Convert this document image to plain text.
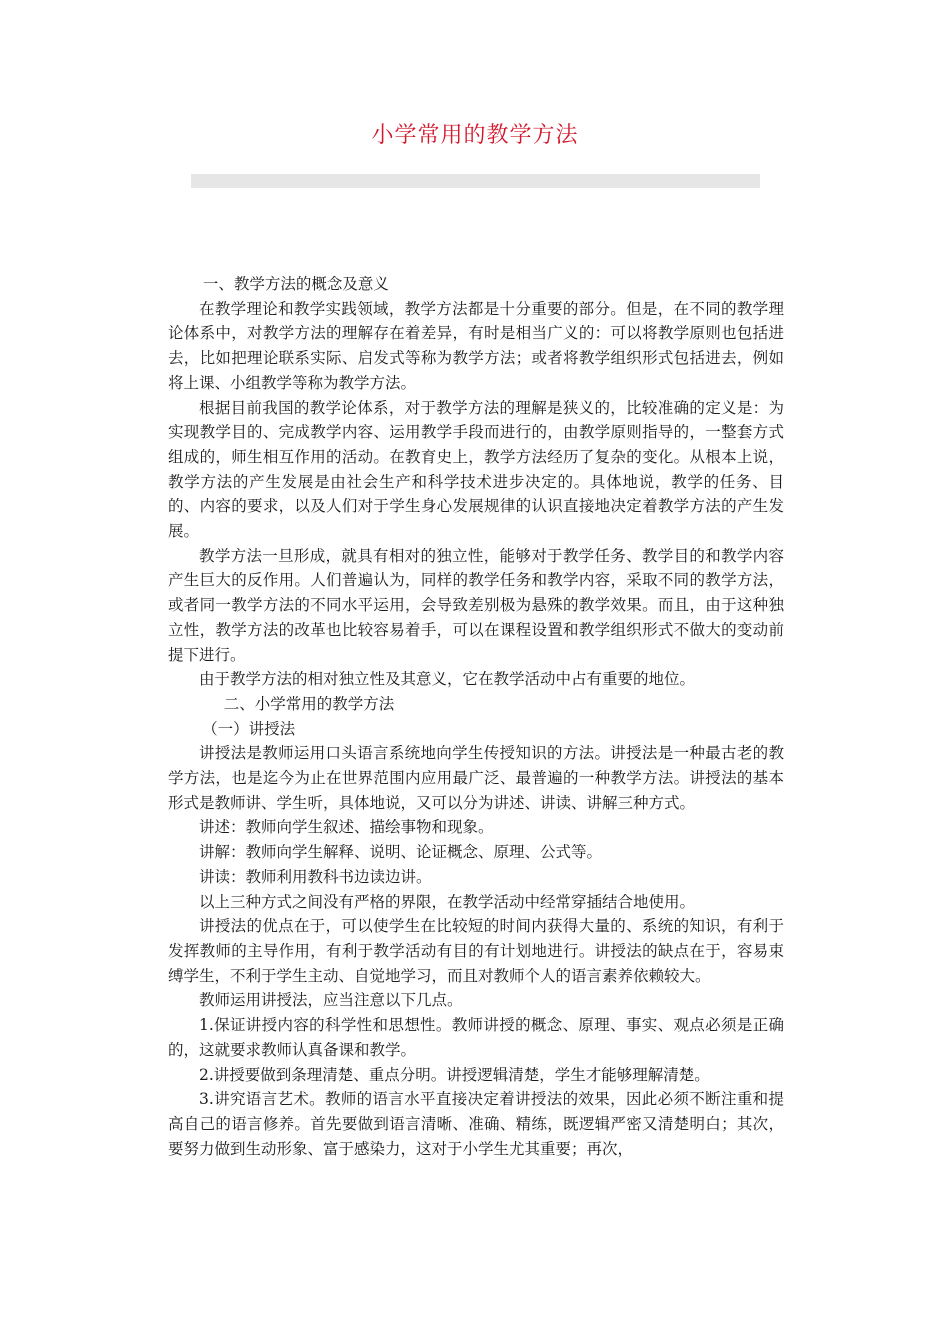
小学常用的教学方法

一、教学方法的概念及意义

在教学理论和教学实践领域，教学方法都是十分重要的部分。但是，在不同的教学理论体系中，对教学方法的理解存在着差异，有时是相当广义的：可以将教学原则也包括进去，比如把理论联系实际、启发式等称为教学方法；或者将教学组织形式包括进去，例如将上课、小组教学等称为教学方法。

根据目前我国的教学论体系，对于教学方法的理解是狭义的，比较准确的定义是：为实现教学目的、完成教学内容、运用教学手段而进行的，由教学原则指导的，一整套方式组成的，师生相互作用的活动。在教育史上，教学方法经历了复杂的变化。从根本上说，教学方法的产生发展是由社会生产和科学技术进步决定的。具体地说，教学的任务、目的、内容的要求，以及人们对于学生身心发展规律的认识直接地决定着教学方法的产生发展。

教学方法一旦形成，就具有相对的独立性，能够对于教学任务、教学目的和教学内容产生巨大的反作用。人们普遍认为，同样的教学任务和教学内容，采取不同的教学方法，或者同一教学方法的不同水平运用，会导致差别极为悬殊的教学效果。而且，由于这种独立性，教学方法的改革也比较容易着手，可以在课程设置和教学组织形式不做大的变动前提下进行。

由于教学方法的相对独立性及其意义，它在教学活动中占有重要的地位。

二、小学常用的教学方法

（一）讲授法

讲授法是教师运用口头语言系统地向学生传授知识的方法。讲授法是一种最古老的教学方法，也是迄今为止在世界范围内应用最广泛、最普遍的一种教学方法。讲授法的基本形式是教师讲、学生听，具体地说，又可以分为讲述、讲读、讲解三种方式。

讲述：教师向学生叙述、描绘事物和现象。

讲解：教师向学生解释、说明、论证概念、原理、公式等。

讲读：教师利用教科书边读边讲。

以上三种方式之间没有严格的界限，在教学活动中经常穿插结合地使用。

讲授法的优点在于，可以使学生在比较短的时间内获得大量的、系统的知识，有利于发挥教师的主导作用，有利于教学活动有目的有计划地进行。讲授法的缺点在于，容易束缚学生，不利于学生主动、自觉地学习，而且对教师个人的语言素养依赖较大。

教师运用讲授法，应当注意以下几点。

1.保证讲授内容的科学性和思想性。教师讲授的概念、原理、事实、观点必须是正确的，这就要求教师认真备课和教学。

2.讲授要做到条理清楚、重点分明。讲授逻辑清楚，学生才能够理解清楚。

3.讲究语言艺术。教师的语言水平直接决定着讲授法的效果，因此必须不断注重和提高自己的语言修养。首先要做到语言清晰、准确、精练，既逻辑严密又清楚明白；其次，要努力做到生动形象、富于感染力，这对于小学生尤其重要；再次，
